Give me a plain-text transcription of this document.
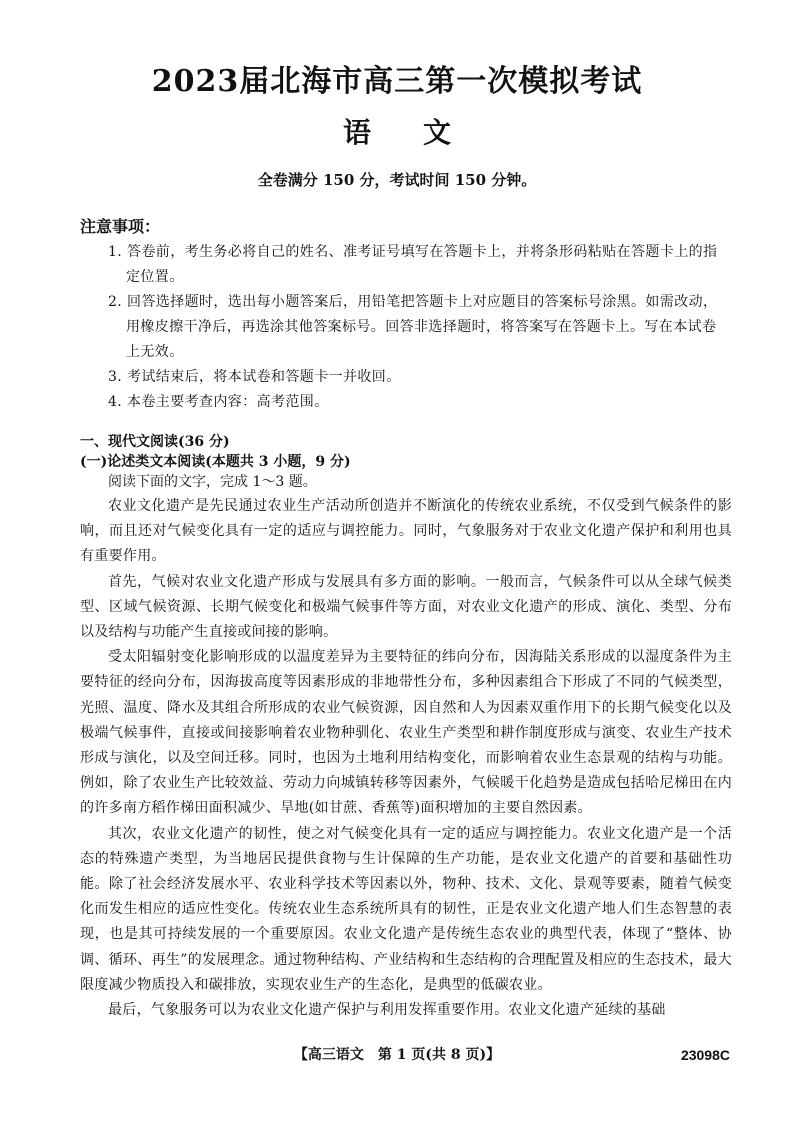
2023届北海市高三第一次模拟考试
语 文
全卷满分 150 分，考试时间 150 分钟。
注意事项：
1. 答卷前，考生务必将自己的姓名、准考证号填写在答题卡上，并将条形码粘贴在答题卡上的指定位置。
2. 回答选择题时，选出每小题答案后，用铅笔把答题卡上对应题目的答案标号涂黑。如需改动，用橡皮擦干净后，再选涂其他答案标号。回答非选择题时，将答案写在答题卡上。写在本试卷上无效。
3. 考试结束后，将本试卷和答题卡一并收回。
4. 本卷主要考查内容：高考范围。
一、现代文阅读(36 分)
(一)论述类文本阅读(本题共 3 小题，9 分)
阅读下面的文字，完成 1～3 题。

农业文化遗产是先民通过农业生产活动所创造并不断演化的传统农业系统，不仅受到气候条件的影响，而且还对气候变化具有一定的适应与调控能力。同时，气象服务对于农业文化遗产保护和利用也具有重要作用。

首先，气候对农业文化遗产形成与发展具有多方面的影响。一般而言，气候条件可以从全球气候类型、区域气候资源、长期气候变化和极端气候事件等方面，对农业文化遗产的形成、演化、类型、分布以及结构与功能产生直接或间接的影响。

受太阳辐射变化影响形成的以温度差异为主要特征的纬向分布，因海陆关系形成的以湿度条件为主要特征的经向分布，因海拔高度等因素形成的非地带性分布，多种因素组合下形成了不同的气候类型，光照、温度、降水及其组合所形成的农业气候资源，因自然和人为因素双重作用下的长期气候变化以及极端气候事件，直接或间接影响着农业物种驯化、农业生产类型和耕作制度形成与演变、农业生产技术形成与演化，以及空间迁移。同时，也因为土地利用结构变化，而影响着农业生态景观的结构与功能。例如，除了农业生产比较效益、劳动力向城镇转移等因素外，气候暖干化趋势是造成包括哈尼梯田在内的许多南方稻作梯田面积减少、旱地(如甘蔗、香蕉等)面积增加的主要自然因素。

其次，农业文化遗产的韧性，使之对气候变化具有一定的适应与调控能力。农业文化遗产是一个活态的特殊遗产类型，为当地居民提供食物与生计保障的生产功能，是农业文化遗产的首要和基础性功能。除了社会经济发展水平、农业科学技术等因素以外，物种、技术、文化、景观等要素，随着气候变化而发生相应的适应性变化。传统农业生态系统所具有的韧性，正是农业文化遗产地人们生态智慧的表现，也是其可持续发展的一个重要原因。农业文化遗产是传统生态农业的典型代表，体现了“整体、协调、循环、再生”的发展理念。通过物种结构、产业结构和生态结构的合理配置及相应的生态技术，最大限度减少物质投入和碳排放，实现农业生产的生态化，是典型的低碳农业。

最后，气象服务可以为农业文化遗产保护与利用发挥重要作用。农业文化遗产延续的基础

【高三语文　第 1 页(共 8 页)】	23098C
